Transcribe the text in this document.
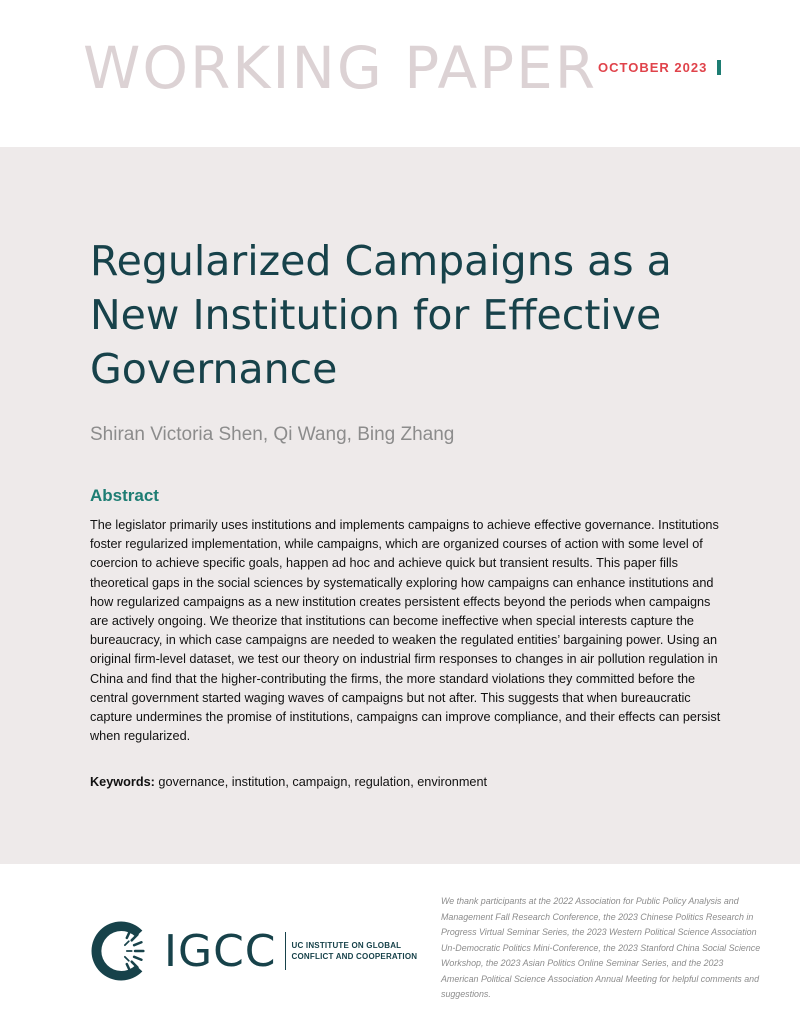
WORKING PAPER OCTOBER 2023
Regularized Campaigns as a New Institution for Effective Governance
Shiran Victoria Shen, Qi Wang, Bing Zhang
Abstract

The legislator primarily uses institutions and implements campaigns to achieve effective governance. Institutions foster regularized implementation, while campaigns, which are organized courses of action with some level of coercion to achieve specific goals, happen ad hoc and achieve quick but transient results. This paper fills theoretical gaps in the social sciences by systematically exploring how campaigns can enhance institutions and how regularized campaigns as a new institution creates persistent effects beyond the periods when campaigns are actively ongoing. We theorize that institutions can become ineffective when special interests capture the bureaucracy, in which case campaigns are needed to weaken the regulated entities’ bargaining power. Using an original firm-level dataset, we test our theory on industrial firm responses to changes in air pollution regulation in China and find that the higher-contributing the firms, the more standard violations they committed before the central government started waging waves of campaigns but not after. This suggests that when bureaucratic capture undermines the promise of institutions, campaigns can improve compliance, and their effects can persist when regularized.

Keywords: governance, institution, campaign, regulation, environment

IGCC UC INSTITUTE ON GLOBAL
CONFLICT AND COOPERATION

We thank participants at the 2022 Association for Public Policy Analysis and Management Fall Research Conference, the 2023 Chinese Politics Research in Progress Virtual Seminar Series, the 2023 Western Political Science Association Un-Democratic Politics Mini-Conference, the 2023 Stanford China Social Science Workshop, the 2023 Asian Politics Online Seminar Series, and the 2023 American Political Science Association Annual Meeting for helpful comments and suggestions.
